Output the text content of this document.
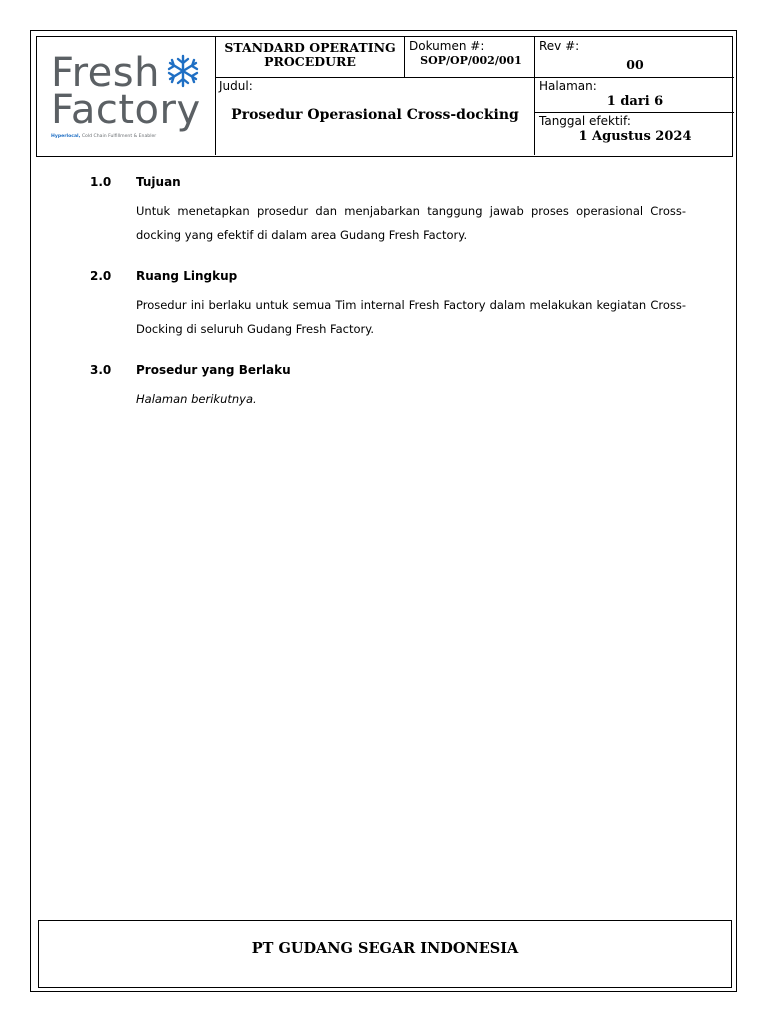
Fresh
Factory
Hyperlocal, Cold Chain Fulfillment & Enabler
STANDARD OPERATING
PROCEDURE
Dokumen #:
SOP/OP/002/001
Rev #:
00
Judul:
Prosedur Operasional Cross-docking
Halaman:
1 dari 6
Tanggal efektif:
1 Agustus 2024
1.0 Tujuan
Untuk menetapkan prosedur dan menjabarkan tanggung jawab proses operasional Cross-docking yang efektif di dalam area Gudang Fresh Factory.
2.0 Ruang Lingkup
Prosedur ini berlaku untuk semua Tim internal Fresh Factory dalam melakukan kegiatan Cross-Docking di seluruh Gudang Fresh Factory.
3.0 Prosedur yang Berlaku
Halaman berikutnya.
PT GUDANG SEGAR INDONESIA
